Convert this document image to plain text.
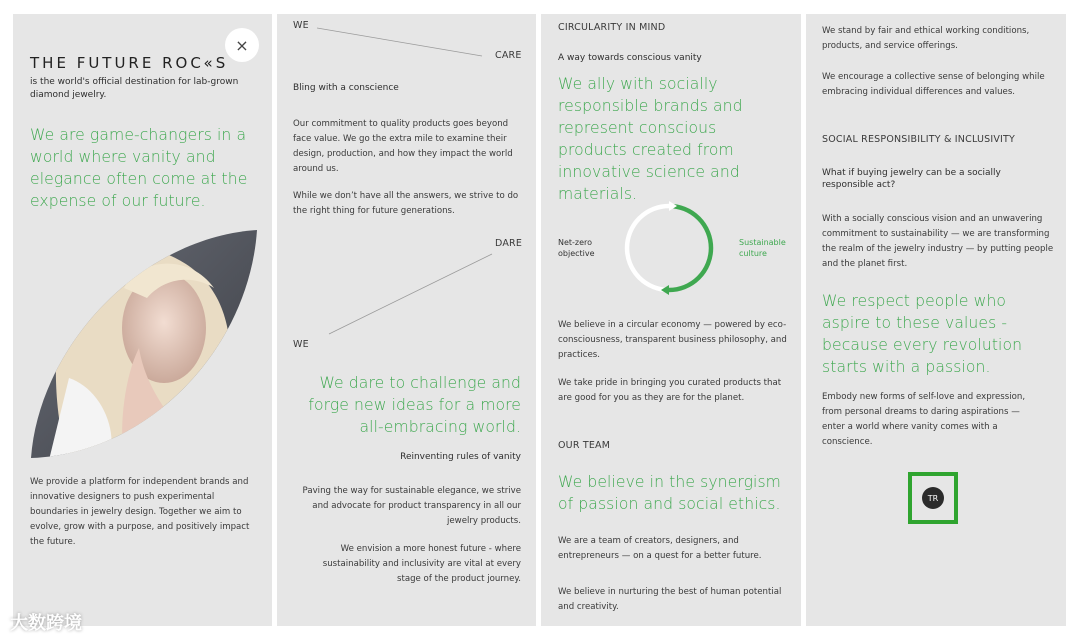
THE FUTURE ROC«S
×
is the world's official destination for lab-grown diamond jewelry.
We are game-changers in a world where vanity and elegance often come at the expense of our future.
We provide a platform for independent brands and innovative designers to push experimental boundaries in jewelry design. Together we aim to evolve, grow with a purpose, and positively impact the future.
WE
CARE
Bling with a conscience
Our commitment to quality products goes beyond face value. We go the extra mile to examine their design, production, and how they impact the world around us.
While we don’t have all the answers, we strive to do the right thing for future generations.
DARE
WE
We dare to challenge and forge new ideas for a more all-embracing world.
Reinventing rules of vanity
Paving the way for sustainable elegance, we strive and advocate for product transparency in all our jewelry products.
We envision a more honest future - where sustainability and inclusivity are vital at every stage of the product journey.
CIRCULARITY IN MIND
A way towards conscious vanity
We ally with socially responsible brands and represent conscious products created from innovative science and materials.
Net-zero objective
Sustainable culture
We believe in a circular economy — powered by eco-consciousness, transparent business philosophy, and practices.
We take pride in bringing you curated products that are good for you as they are for the planet.
OUR TEAM
We believe in the synergism of passion and social ethics.
We are a team of creators, designers, and entrepreneurs — on a quest for a better future.
We believe in nurturing the best of human potential and creativity.
We stand by fair and ethical working conditions, products, and service offerings.
We encourage a collective sense of belonging while embracing individual differences and values.
SOCIAL RESPONSIBILITY & INCLUSIVITY
What if buying jewelry can be a socially responsible act?
With a socially conscious vision and an unwavering commitment to sustainability — we are transforming the realm of the jewelry industry — by putting people and the planet first.
We respect people who aspire to these values - because every revolution starts with a passion.
Embody new forms of self-love and expression, from personal dreams to daring aspirations — enter a world where vanity comes with a conscience.
TR
大数跨境
